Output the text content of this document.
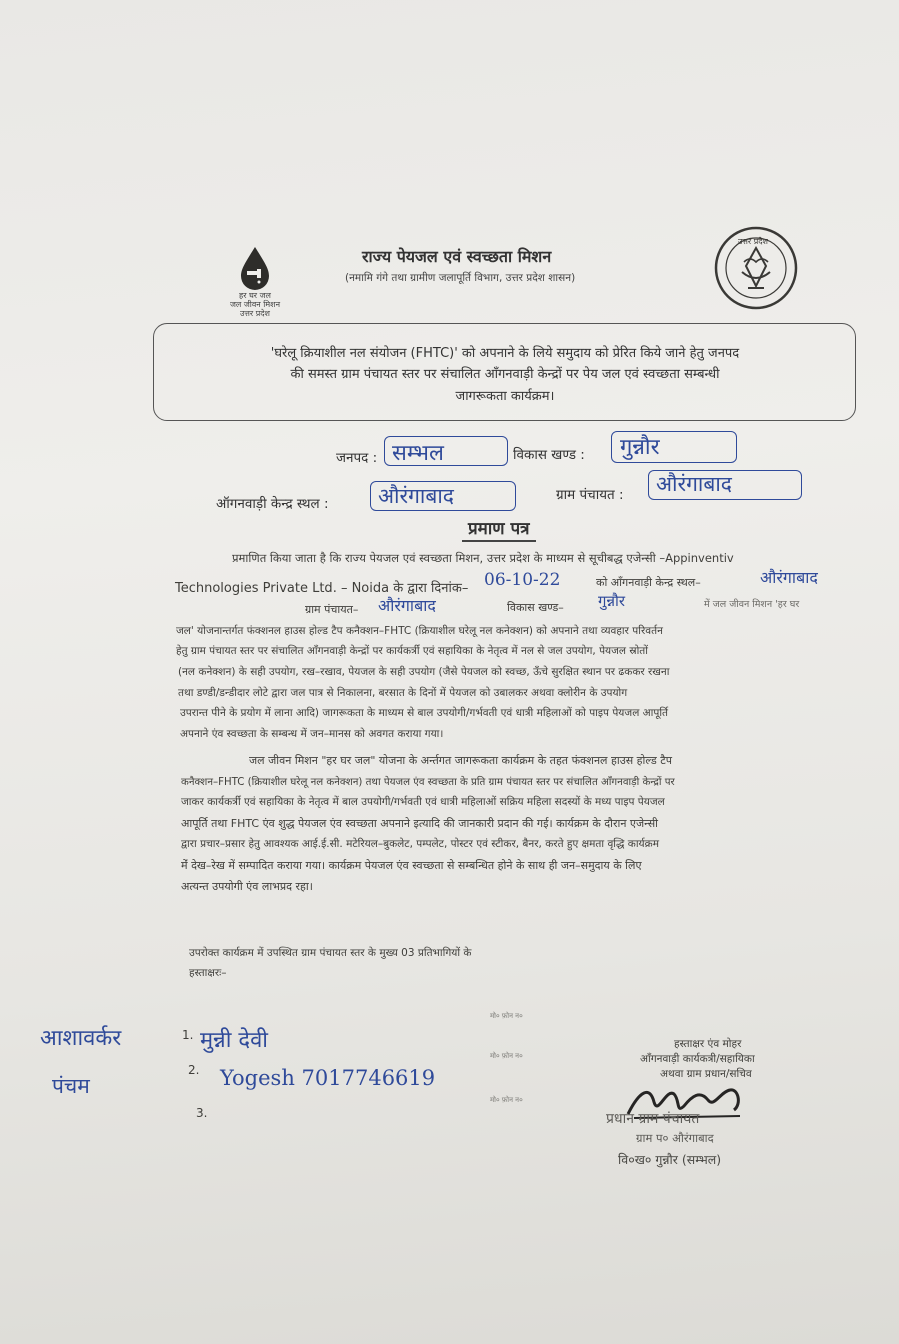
हर घर जल
जल जीवन मिशन
उत्तर प्रदेश
राज्य पेयजल एवं स्वच्छता मिशन
(नमामि गंगे तथा ग्रामीण जलापूर्ति विभाग, उत्तर प्रदेश शासन)
उत्तर प्रदेश
'घरेलू क्रियाशील नल संयोजन (FHTC)' को अपनाने के लिये समुदाय को प्रेरित किये जाने हेतु जनपद
की समस्त ग्राम पंचायत स्तर पर संचालित आँगनवाड़ी केन्द्रों पर पेय जल एवं स्वच्छता सम्बन्धी
जागरूकता कार्यक्रम।
जनपद : सम्भल	विकास खण्ड : गुन्नौर
ऑगनवाड़ी केन्द्र स्थल : औरंगाबाद	ग्राम पंचायत : औरंगाबाद
प्रमाण पत्र
प्रमाणित किया जाता है कि राज्य पेयजल एवं स्वच्छता मिशन, उत्तर प्रदेश के माध्यम से सूचीबद्ध एजेन्सी –Appinventiv
Technologies Private Ltd. – Noida के द्वारा दिनांक– 06-10-22	को आँगनवाड़ी केन्द्र स्थल–	औरंगाबाद
ग्राम पंचायत– औरंगाबाद	विकास खण्ड– गुन्नौर	में जल जीवन मिशन 'हर घर
जल' योजनान्तर्गत फंक्शनल हाउस होल्ड टैप कनैक्शन–FHTC (क्रियाशील घरेलू नल कनेक्शन) को अपनाने तथा व्यवहार परिवर्तन
हेतु ग्राम पंचायत स्तर पर संचालित आँगनवाड़ी केन्द्रों पर कार्यकर्त्री एवं सहायिका के नेतृत्व में नल से जल उपयोग, पेयजल स्रोतों
(नल कनेक्शन) के सही उपयोग, रख–रखाव, पेयजल के सही उपयोग (जैसे पेयजल को स्वच्छ, ऊँचे सुरक्षित स्थान पर ढककर रखना
तथा डण्डी/डन्डीदार लोटे द्वारा जल पात्र से निकालना, बरसात के दिनों में पेयजल को उबालकर अथवा क्लोरीन के उपयोग
उपरान्त पीने के प्रयोग में लाना आदि) जागरूकता के माध्यम से बाल उपयोगी/गर्भवती एवं धात्री महिलाओं को पाइप पेयजल आपूर्ति
अपनाने एंव स्वच्छता के सम्बन्ध में जन–मानस को अवगत कराया गया।
जल जीवन मिशन "हर घर जल" योजना के अर्न्तगत जागरूकता कार्यक्रम के तहत फंक्शनल हाउस होल्ड टैप
कनैक्शन–FHTC (क्रियाशील घरेलू नल कनेक्शन) तथा पेयजल एंव स्वच्छता के प्रति ग्राम पंचायत स्तर पर संचालित आँगनवाड़ी केन्द्रों पर
जाकर कार्यकर्त्री एवं सहायिका के नेतृत्व में बाल उपयोगी/गर्भवती एवं धात्री महिलाओं सक्रिय महिला सदस्यों के मध्य पाइप पेयजल
आपूर्ति तथा FHTC एंव शुद्ध पेयजल एंव स्वच्छता अपनाने इत्यादि की जानकारी प्रदान की गई। कार्यक्रम के दौरान एजेन्सी
द्वारा प्रचार–प्रसार हेतु आवश्यक आई.ई.सी. मटेरियल–बुकलेट, पम्पलेट, पोस्टर एवं स्टीकर, बैनर, करते हुए क्षमता वृद्धि कार्यक्रम
मेंं देख–रेख में सम्पादित कराया गया। कार्यक्रम पेयजल एंव स्वच्छता से सम्बन्धित होने के साथ ही जन–समुदाय के लिए
अत्यन्त उपयोगी एंव लाभप्रद रहा।
उपरोक्त कार्यक्रम में उपस्थित ग्राम पंचायत स्तर के मुख्य 03 प्रतिभागियों के
हस्ताक्षरः–
1.
2.
3.
आशावर्कर
पंचम
मुन्नी देवी
Yogesh 7017746619
मो० फ़ोन न०
मो० फ़ोन न०
मो० फ़ोन न०
हस्ताक्षर एंव मोहर
आँगनवाड़ी कार्यकत्री/सहायिका
अथवा ग्राम प्रधान/सचिव
प्रधान ग्राम पंचायत
ग्राम प० औरंगाबाद
वि०ख० गुन्नौर (सम्भल)
